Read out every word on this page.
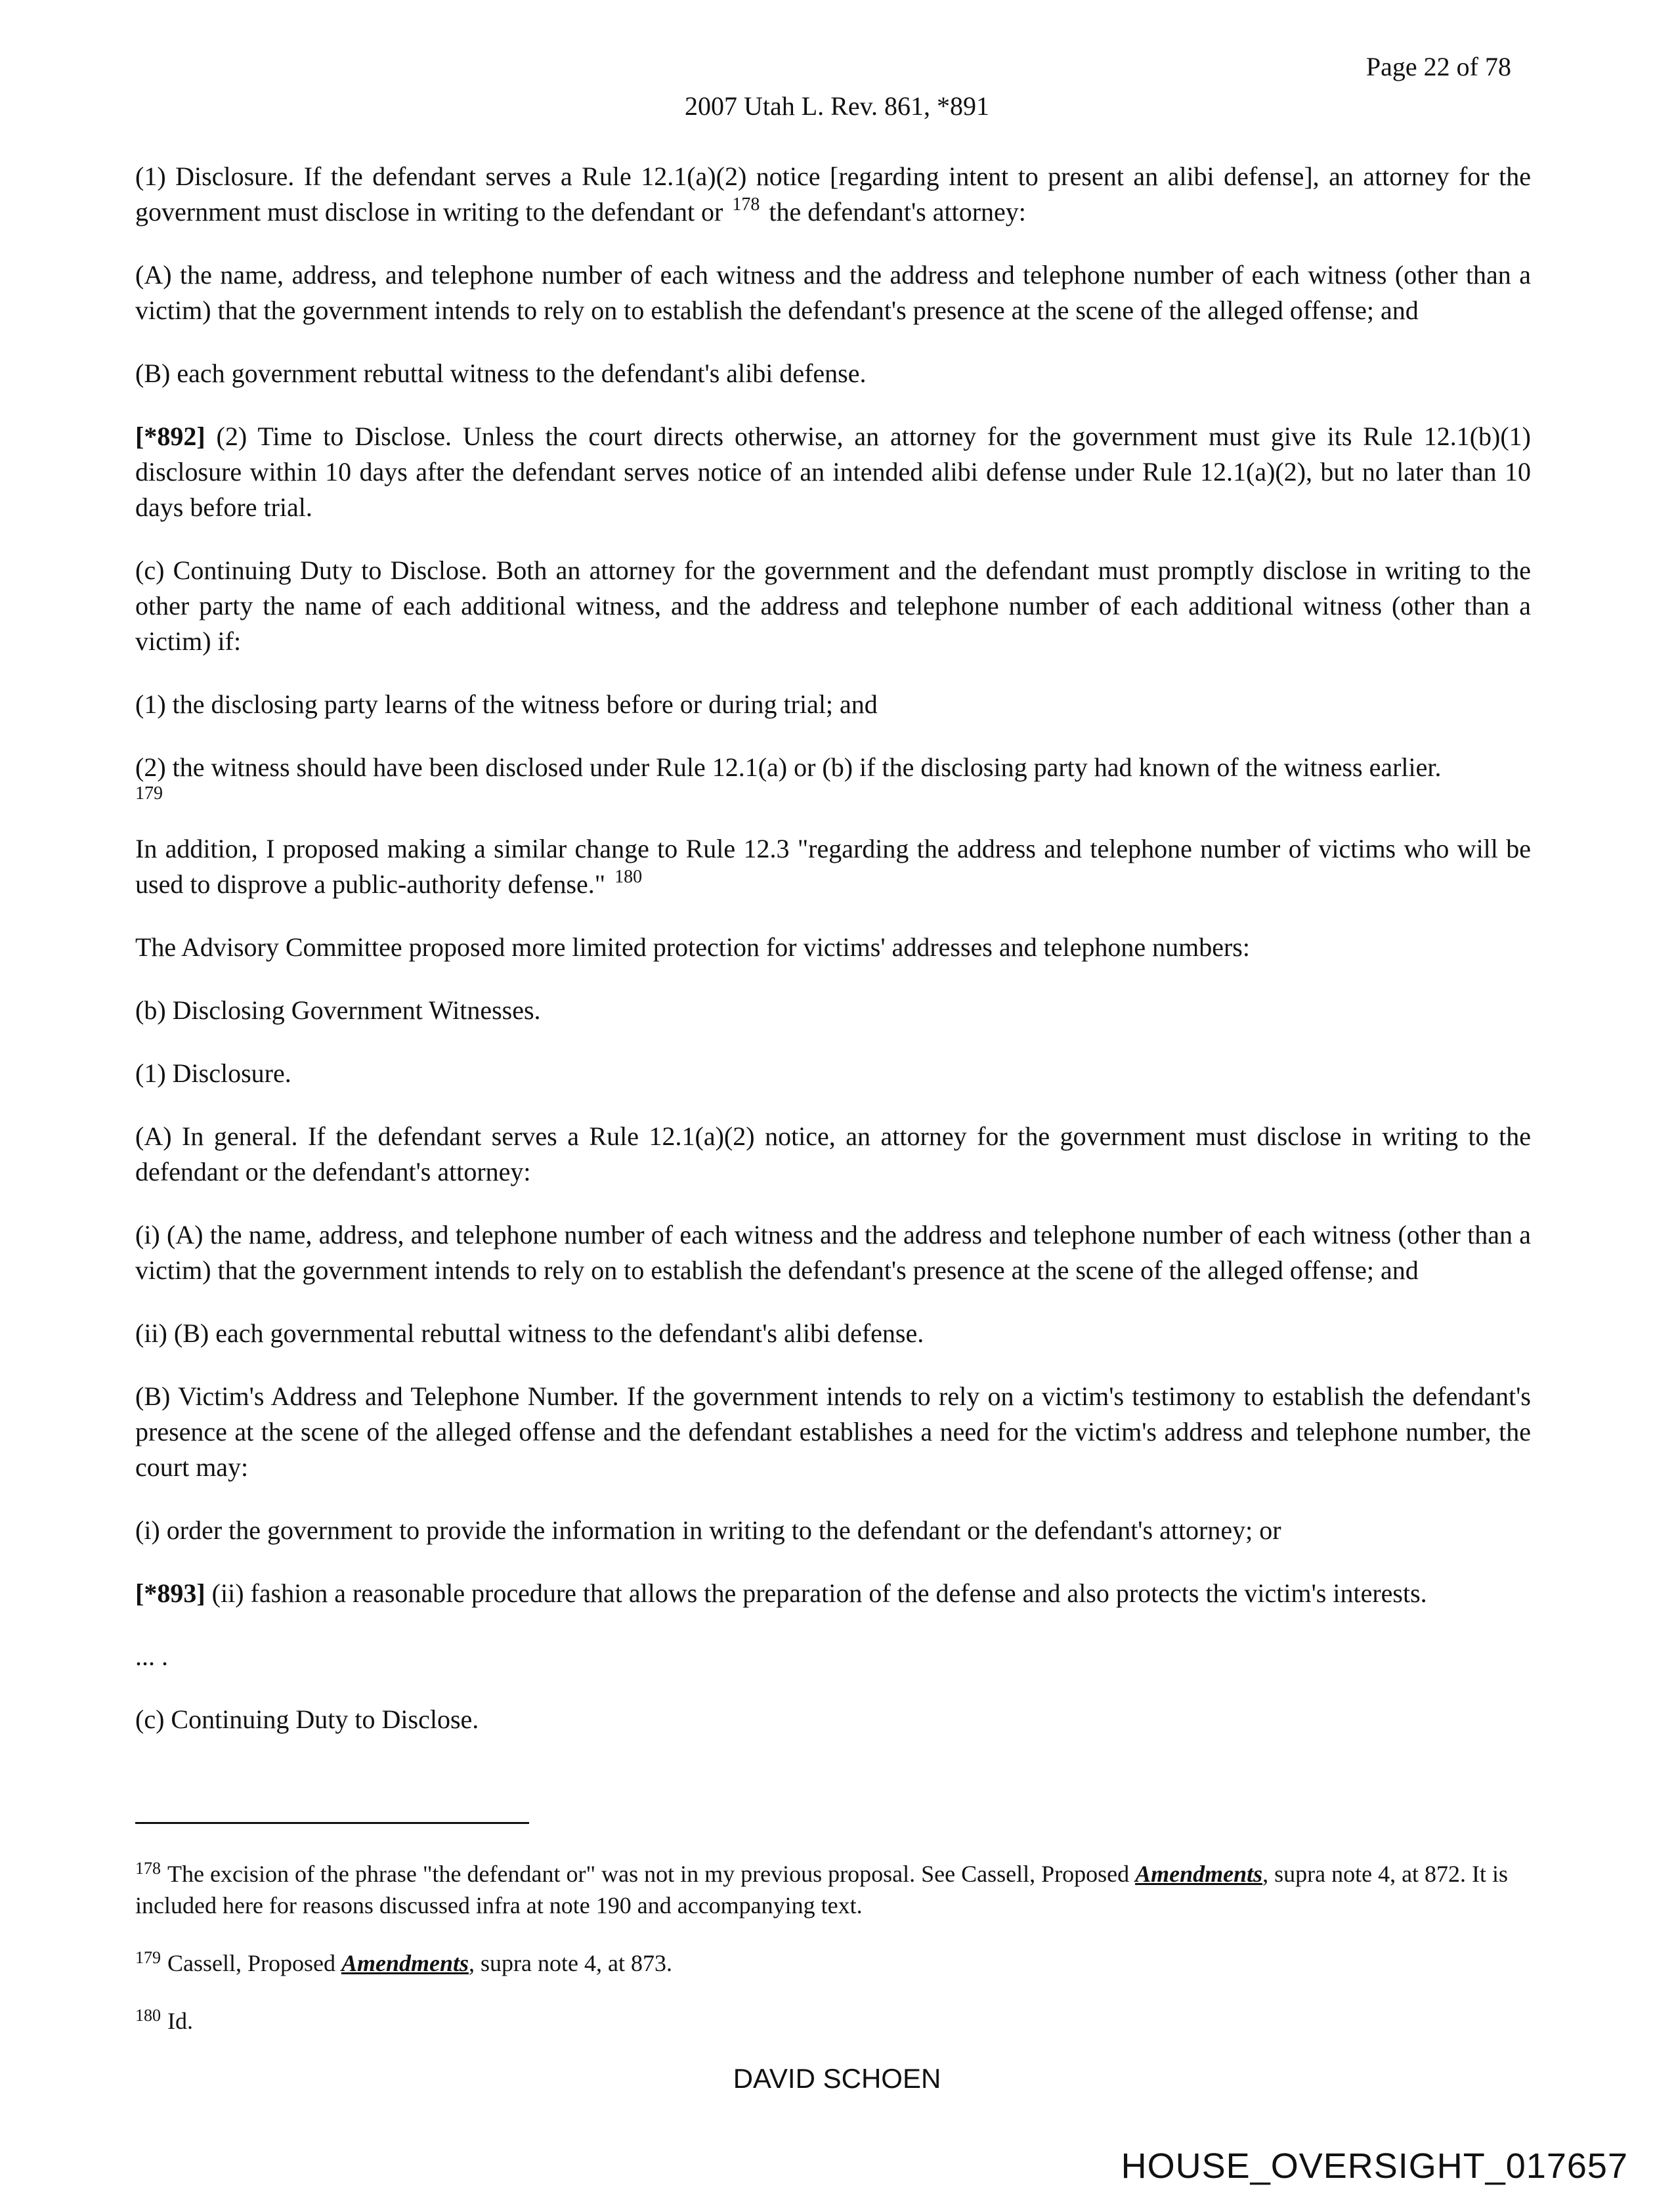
Page 22 of 78
2007 Utah L. Rev. 861, *891

(1) Disclosure. If the defendant serves a Rule 12.1(a)(2) notice [regarding intent to present an alibi defense], an attorney for the government must disclose in writing to the defendant or $^{178}$ the defendant's attorney:

(A) the name, address, and telephone number of each witness and the address and telephone number of each witness (other than a victim) that the government intends to rely on to establish the defendant's presence at the scene of the alleged offense; and

(B) each government rebuttal witness to the defendant's alibi defense.

[*892] (2) Time to Disclose. Unless the court directs otherwise, an attorney for the government must give its Rule 12.1(b)(1) disclosure within 10 days after the defendant serves notice of an intended alibi defense under Rule 12.1(a)(2), but no later than 10 days before trial.

(c) Continuing Duty to Disclose. Both an attorney for the government and the defendant must promptly disclose in writing to the other party the name of each additional witness, and the address and telephone number of each additional witness (other than a victim) if:

(1) the disclosing party learns of the witness before or during trial; and

(2) the witness should have been disclosed under Rule 12.1(a) or (b) if the disclosing party had known of the witness earlier.
179

In addition, I proposed making a similar change to Rule 12.3 "regarding the address and telephone number of victims who will be used to disprove a public-authority defense." $^{180}$

The Advisory Committee proposed more limited protection for victims' addresses and telephone numbers:

(b) Disclosing Government Witnesses.

(1) Disclosure.

(A) In general. If the defendant serves a Rule 12.1(a)(2) notice, an attorney for the government must disclose in writing to the defendant or the defendant's attorney:

(i) (A) the name, address, and telephone number of each witness and the address and telephone number of each witness (other than a victim) that the government intends to rely on to establish the defendant's presence at the scene of the alleged offense; and

(ii) (B) each governmental rebuttal witness to the defendant's alibi defense.

(B) Victim's Address and Telephone Number. If the government intends to rely on a victim's testimony to establish the defendant's presence at the scene of the alleged offense and the defendant establishes a need for the victim's address and telephone number, the court may:

(i) order the government to provide the information in writing to the defendant or the defendant's attorney; or

[*893] (ii) fashion a reasonable procedure that allows the preparation of the defense and also protects the victim's interests.

... .

(c) Continuing Duty to Disclose.

$^{178}$ The excision of the phrase "the defendant or" was not in my previous proposal. See Cassell, Proposed Amendments, supra note 4, at 872. It is included here for reasons discussed infra at note 190 and accompanying text.

$^{179}$ Cassell, Proposed Amendments, supra note 4, at 873.

$^{180}$ Id.

DAVID SCHOEN
HOUSE_OVERSIGHT_017657
